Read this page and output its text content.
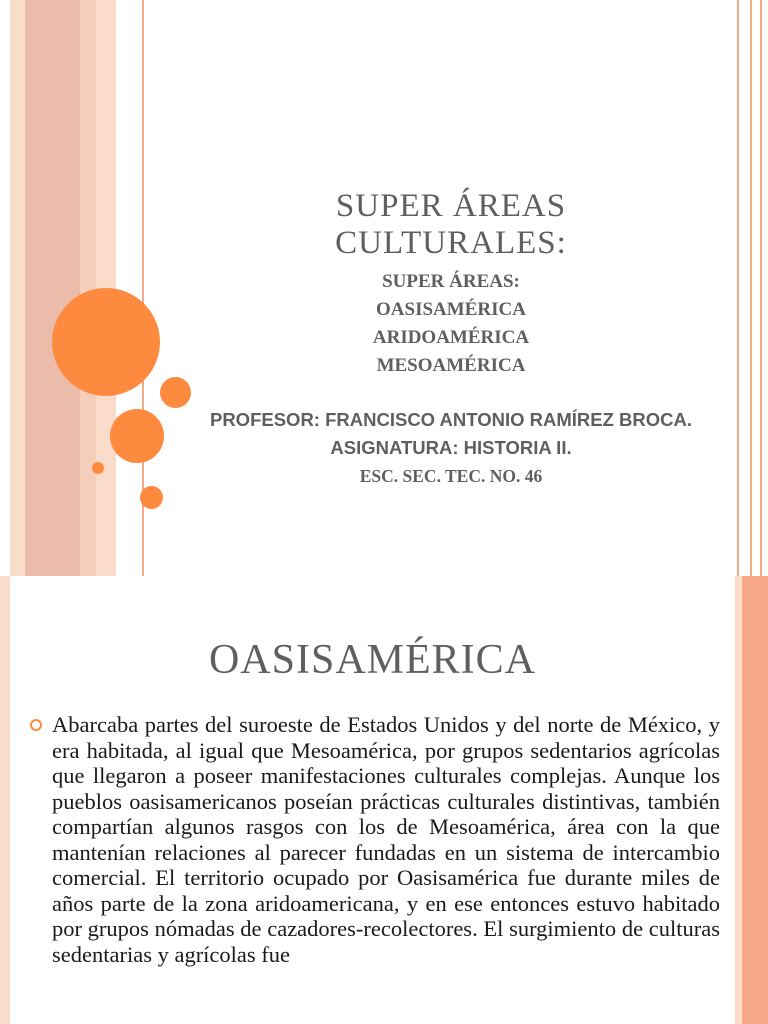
SUPER ÁREAS
CULTURALES:
SUPER ÁREAS:
OASISAMÉRICA
ARIDOAMÉRICA
MESOAMÉRICA
PROFESOR: FRANCISCO ANTONIO RAMÍREZ BROCA.
ASIGNATURA: HISTORIA II.
ESC. SEC. TEC. NO. 46
OASISAMÉRICA

Abarcaba partes del suroeste de Estados Unidos y del norte de México, y era habitada, al igual que Mesoamérica, por grupos sedentarios agrícolas que llegaron a poseer manifestaciones culturales complejas. Aunque los pueblos oasisamericanos poseían prácticas culturales distintivas, también compartían algunos rasgos con los de Mesoamérica, área con la que mantenían relaciones al parecer fundadas en un sistema de intercambio comercial. El territorio ocupado por Oasisamérica fue durante miles de años parte de la zona aridoamericana, y en ese entonces estuvo habitado por grupos nómadas de cazadores-recolectores. El surgimiento de culturas sedentarias y agrícolas fue
